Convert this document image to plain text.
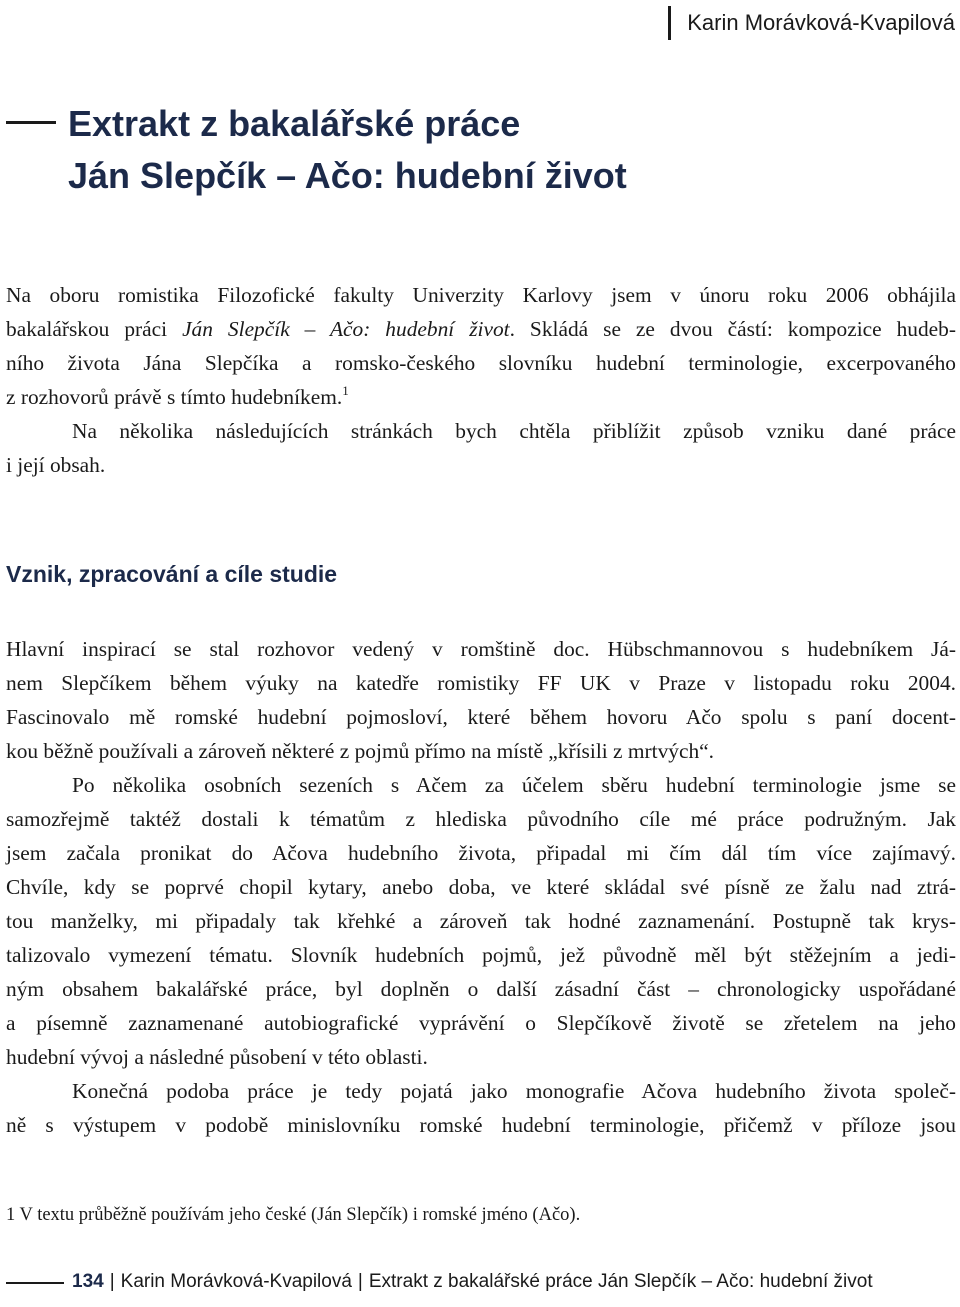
Karin Morávková-Kvapilová
Extrakt z bakalářské práce
Ján Slepčík – Ačo: hudební život
Na oboru romistika Filozofické fakulty Univerzity Karlovy jsem v únoru roku 2006 obhájila
bakalářskou práci Ján Slepčík – Ačo: hudební život. Skládá se ze dvou částí: kompozice hudeb-
ního života Jána Slepčíka a romsko-českého slovníku hudební terminologie, excerpovaného
z rozhovorů právě s tímto hudebníkem.$^1$
Na několika následujících stránkách bych chtěla přiblížit způsob vzniku dané práce
i její obsah.
Vznik, zpracování a cíle studie
Hlavní inspirací se stal rozhovor vedený v romštině doc. Hübschmannovou s hudebníkem Já-
nem Slepčíkem během výuky na katedře romistiky FF UK v Praze v listopadu roku 2004.
Fascinovalo mě romské hudební pojmosloví, které během hovoru Ačo spolu s paní docent-
kou běžně používali a zároveň některé z pojmů přímo na místě „křísili z mrtvých“.
Po několika osobních sezeních s Ačem za účelem sběru hudební terminologie jsme se
samozřejmě taktéž dostali k tématům z hlediska původního cíle mé práce podružným. Jak
jsem začala pronikat do Ačova hudebního života, připadal mi čím dál tím více zajímavý.
Chvíle, kdy se poprvé chopil kytary, anebo doba, ve které skládal své písně ze žalu nad ztrá-
tou manželky, mi připadaly tak křehké a zároveň tak hodné zaznamenání. Postupně tak krys-
talizovalo vymezení tématu. Slovník hudebních pojmů, jež původně měl být stěžejním a jedi-
ným obsahem bakalářské práce, byl doplněn o další zásadní část – chronologicky uspořádané
a písemně zaznamenané autobiografické vyprávění o Slepčíkově životě se zřetelem na jeho
hudební vývoj a následné působení v této oblasti.
Konečná podoba práce je tedy pojatá jako monografie Ačova hudebního života společ-
ně s výstupem v podobě minislovníku romské hudební terminologie, přičemž v příloze jsou
1 V textu průběžně používám jeho české (Ján Slepčík) i romské jméno (Ačo).
134 | Karin Morávková-Kvapilová | Extrakt z bakalářské práce Ján Slepčík – Ačo: hudební život
